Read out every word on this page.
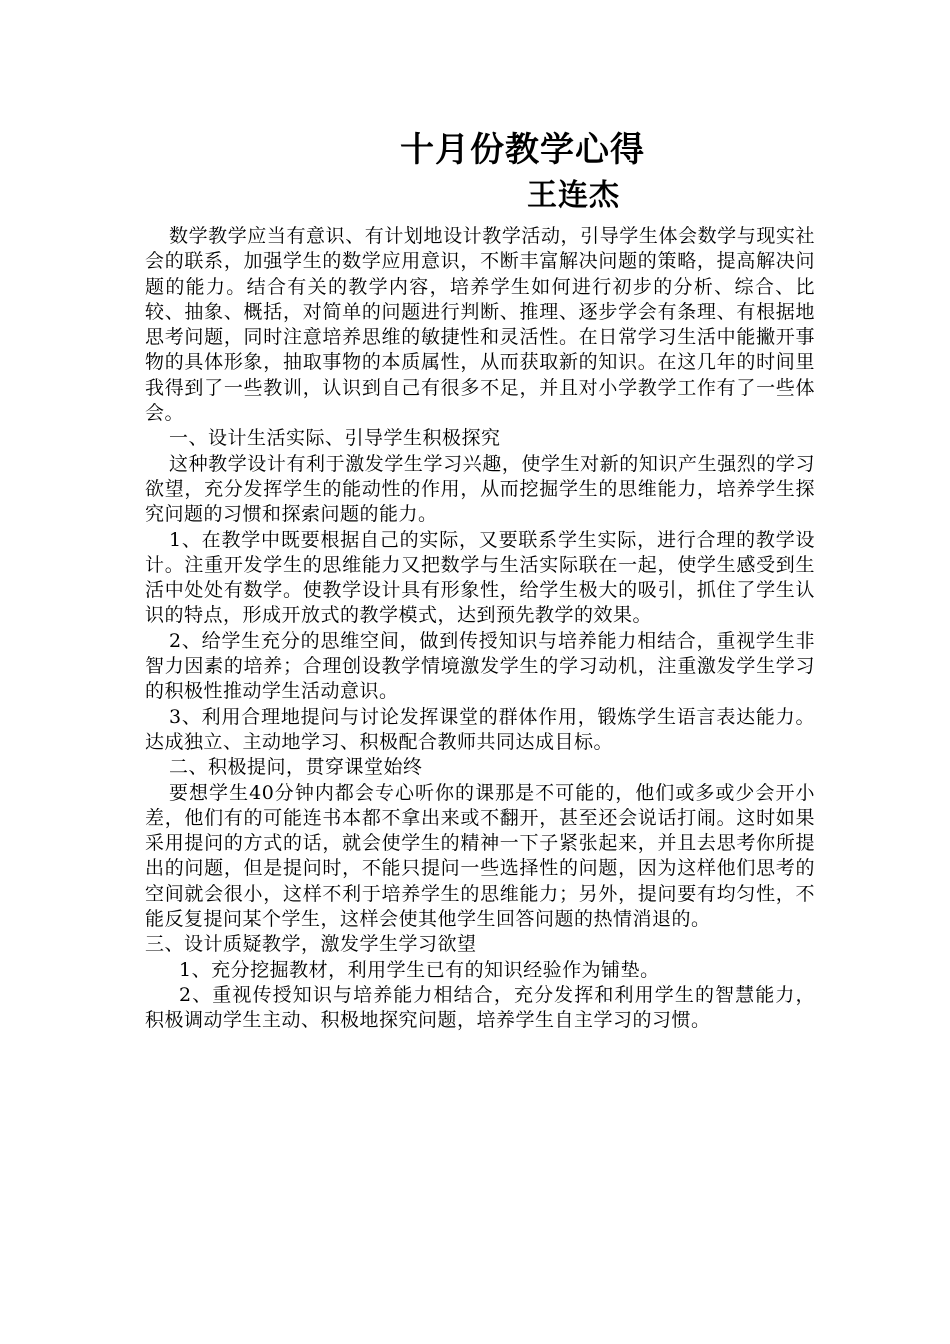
十月份教学心得
王连杰

数学教学应当有意识、有计划地设计教学活动，引导学生体会数学与现实社会的联系，加强学生的数学应用意识，不断丰富解决问题的策略，提高解决问题的能力。结合有关的教学内容，培养学生如何进行初步的分析、综合、比较、抽象、概括，对简单的问题进行判断、推理、逐步学会有条理、有根据地思考问题，同时注意培养思维的敏捷性和灵活性。在日常学习生活中能撇开事物的具体形象，抽取事物的本质属性，从而获取新的知识。在这几年的时间里我得到了一些教训，认识到自己有很多不足，并且对小学教学工作有了一些体会。

一、设计生活实际、引导学生积极探究

这种教学设计有利于激发学生学习兴趣，使学生对新的知识产生强烈的学习欲望，充分发挥学生的能动性的作用，从而挖掘学生的思维能力，培养学生探究问题的习惯和探索问题的能力。

1、在教学中既要根据自己的实际，又要联系学生实际，进行合理的教学设计。注重开发学生的思维能力又把数学与生活实际联在一起，使学生感受到生活中处处有数学。使教学设计具有形象性，给学生极大的吸引，抓住了学生认识的特点，形成开放式的教学模式，达到预先教学的效果。

2、给学生充分的思维空间，做到传授知识与培养能力相结合，重视学生非智力因素的培养；合理创设教学情境激发学生的学习动机，注重激发学生学习的积极性推动学生活动意识。

3、利用合理地提问与讨论发挥课堂的群体作用，锻炼学生语言表达能力。达成独立、主动地学习、积极配合教师共同达成目标。

二、积极提问，贯穿课堂始终

要想学生40分钟内都会专心听你的课那是不可能的，他们或多或少会开小差，他们有的可能连书本都不拿出来或不翻开，甚至还会说话打闹。这时如果采用提问的方式的话，就会使学生的精神一下子紧张起来，并且去思考你所提出的问题，但是提问时，不能只提问一些选择性的问题，因为这样他们思考的空间就会很小，这样不利于培养学生的思维能力；另外，提问要有均匀性，不能反复提问某个学生，这样会使其他学生回答问题的热情消退的。

三、设计质疑教学，激发学生学习欲望

1、充分挖掘教材，利用学生已有的知识经验作为铺垫。

2、重视传授知识与培养能力相结合，充分发挥和利用学生的智慧能力，积极调动学生主动、积极地探究问题，培养学生自主学习的习惯。
